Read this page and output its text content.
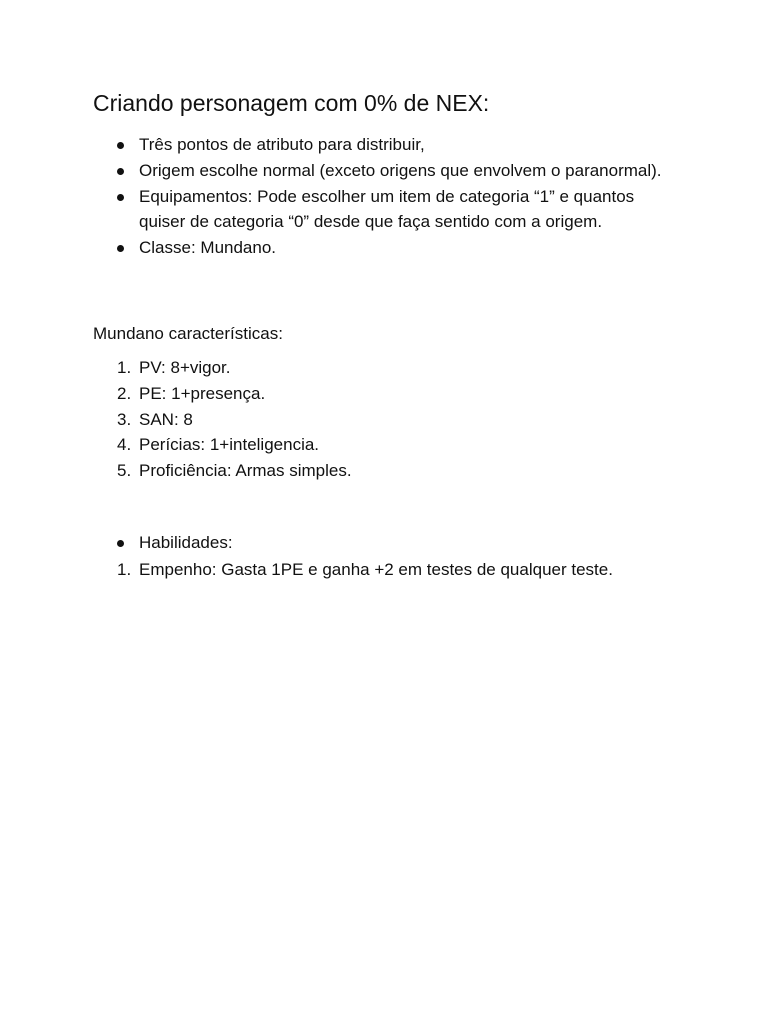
Criando personagem com 0% de NEX:
Três pontos de atributo para distribuir,
Origem escolhe normal (exceto origens que envolvem o paranormal).
Equipamentos: Pode escolher um item de categoria “1” e quantos quiser de categoria “0” desde que faça sentido com a origem.
Classe: Mundano.

Mundano características:

1. PV: 8+vigor.
2. PE: 1+presença.
3. SAN: 8
4. Perícias: 1+inteligencia.
5. Proficiência: Armas simples.
Habilidades:
1. Empenho: Gasta 1PE e ganha +2 em testes de qualquer teste.
